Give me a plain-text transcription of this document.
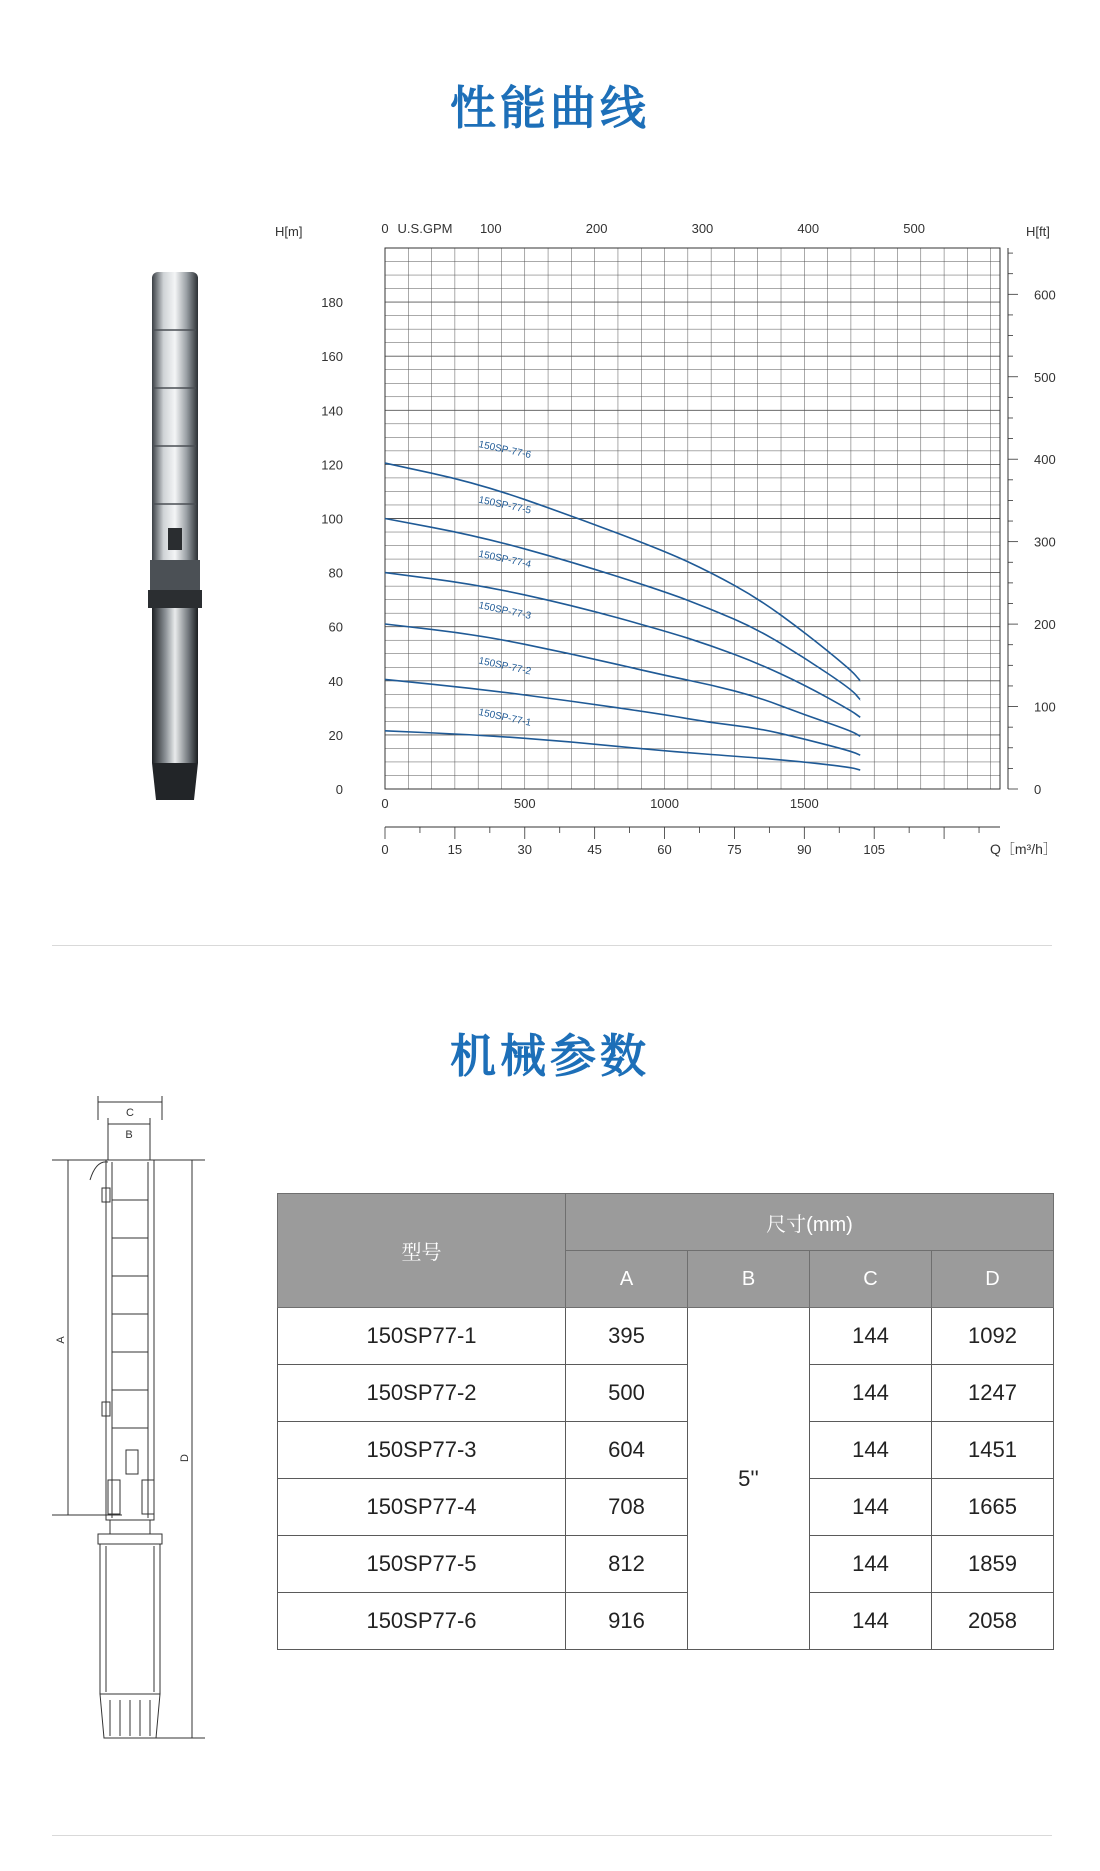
性能曲线
0
20
40
60
80
100
120
140
160
180
H[m]
0
100
200
300
400
500
600
H[ft]
0	100	200	300	400	500
U.S.GPM
0	500	1000	1500
0	15	30	45	60	75	90	105	Q［m³/h］
150SP-77-1
150SP-77-2
150SP-77-3
150SP-77-4
150SP-77-5
150SP-77-6
机械参数
C
B
A
D
型号	尺寸(mm)			
	A	B	C	D
150SP77-1	395	5''	144	1092
150SP77-2	500		144	1247
150SP77-3	604		144	1451
150SP77-4	708		144	1665
150SP77-5	812		144	1859
150SP77-6	916		144	2058
